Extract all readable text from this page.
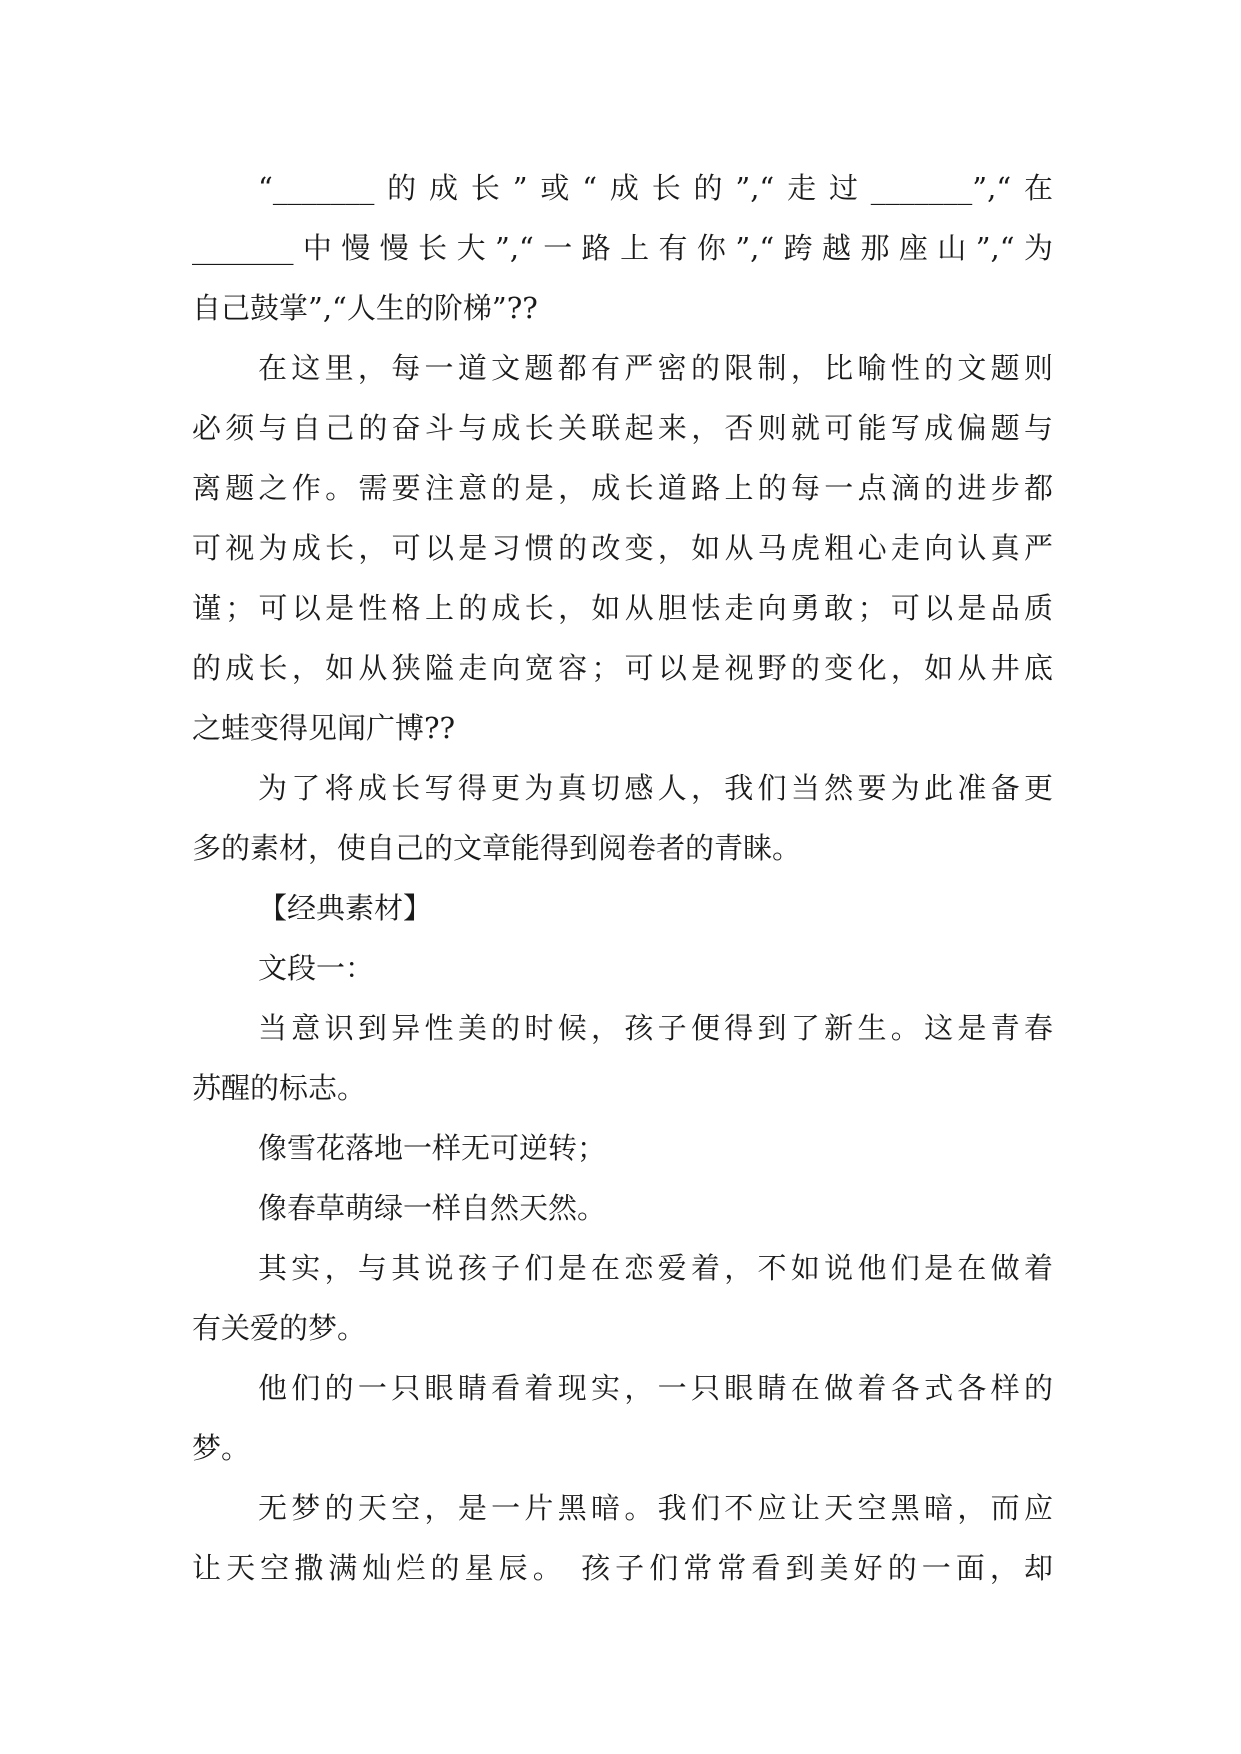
“_______的成长”或“成长的”,“走过_______”,“在
_______中慢慢长大”,“一路上有你”,“跨越那座山”,“为
自己鼓掌”,“人生的阶梯”??
在这里，每一道文题都有严密的限制，比喻性的文题则
必须与自己的奋斗与成长关联起来，否则就可能写成偏题与
离题之作。需要注意的是，成长道路上的每一点滴的进步都
可视为成长，可以是习惯的改变，如从马虎粗心走向认真严
谨；可以是性格上的成长，如从胆怯走向勇敢；可以是品质
的成长，如从狭隘走向宽容；可以是视野的变化，如从井底
之蛙变得见闻广博??
为了将成长写得更为真切感人，我们当然要为此准备更
多的素材，使自己的文章能得到阅卷者的青睐。
【经典素材】
文段一：
当意识到异性美的时候，孩子便得到了新生。这是青春
苏醒的标志。
像雪花落地一样无可逆转；
像春草萌绿一样自然天然。
其实，与其说孩子们是在恋爱着，不如说他们是在做着
有关爱的梦。
他们的一只眼睛看着现实，一只眼睛在做着各式各样的
梦。
无梦的天空，是一片黑暗。我们不应让天空黑暗，而应
让天空撒满灿烂的星辰。 孩子们常常看到美好的一面，却
